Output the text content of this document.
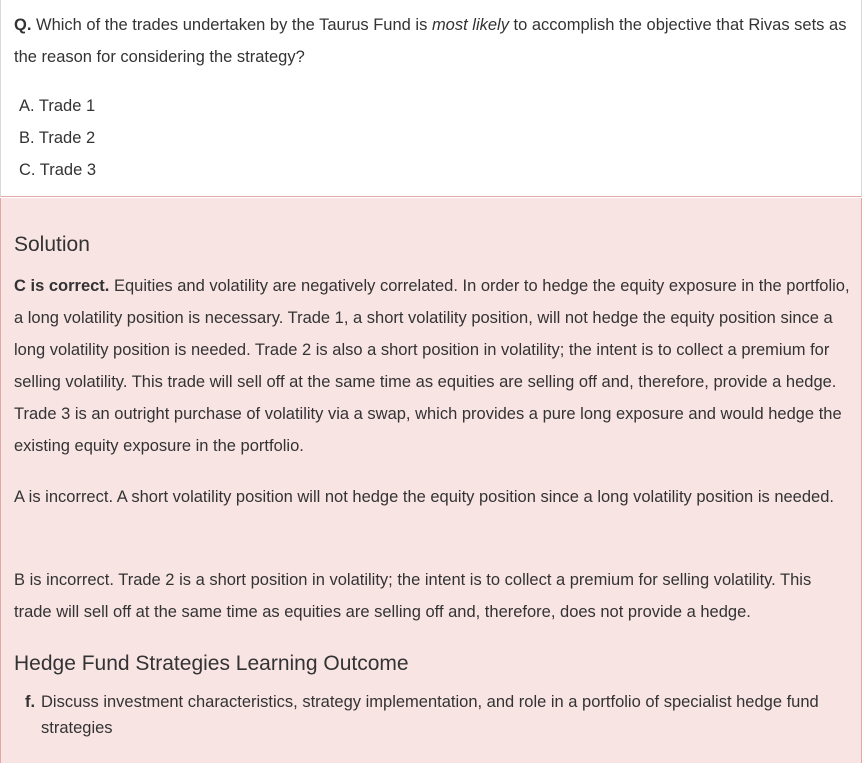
Q. Which of the trades undertaken by the Taurus Fund is most likely to accomplish the objective that Rivas sets as the reason for considering the strategy?

A. Trade 1
B. Trade 2
C. Trade 3
Solution

C is correct. Equities and volatility are negatively correlated. In order to hedge the equity exposure in the portfolio, a long volatility position is necessary. Trade 1, a short volatility position, will not hedge the equity position since a long volatility position is needed. Trade 2 is also a short position in volatility; the intent is to collect a premium for selling volatility. This trade will sell off at the same time as equities are selling off and, therefore, provide a hedge. Trade 3 is an outright purchase of volatility via a swap, which provides a pure long exposure and would hedge the existing equity exposure in the portfolio.

A is incorrect. A short volatility position will not hedge the equity position since a long volatility position is needed.

B is incorrect. Trade 2 is a short position in volatility; the intent is to collect a premium for selling volatility. This trade will sell off at the same time as equities are selling off and, therefore, does not provide a hedge.

Hedge Fund Strategies Learning Outcome
f. Discuss investment characteristics, strategy implementation, and role in a portfolio of specialist hedge fund strategies
